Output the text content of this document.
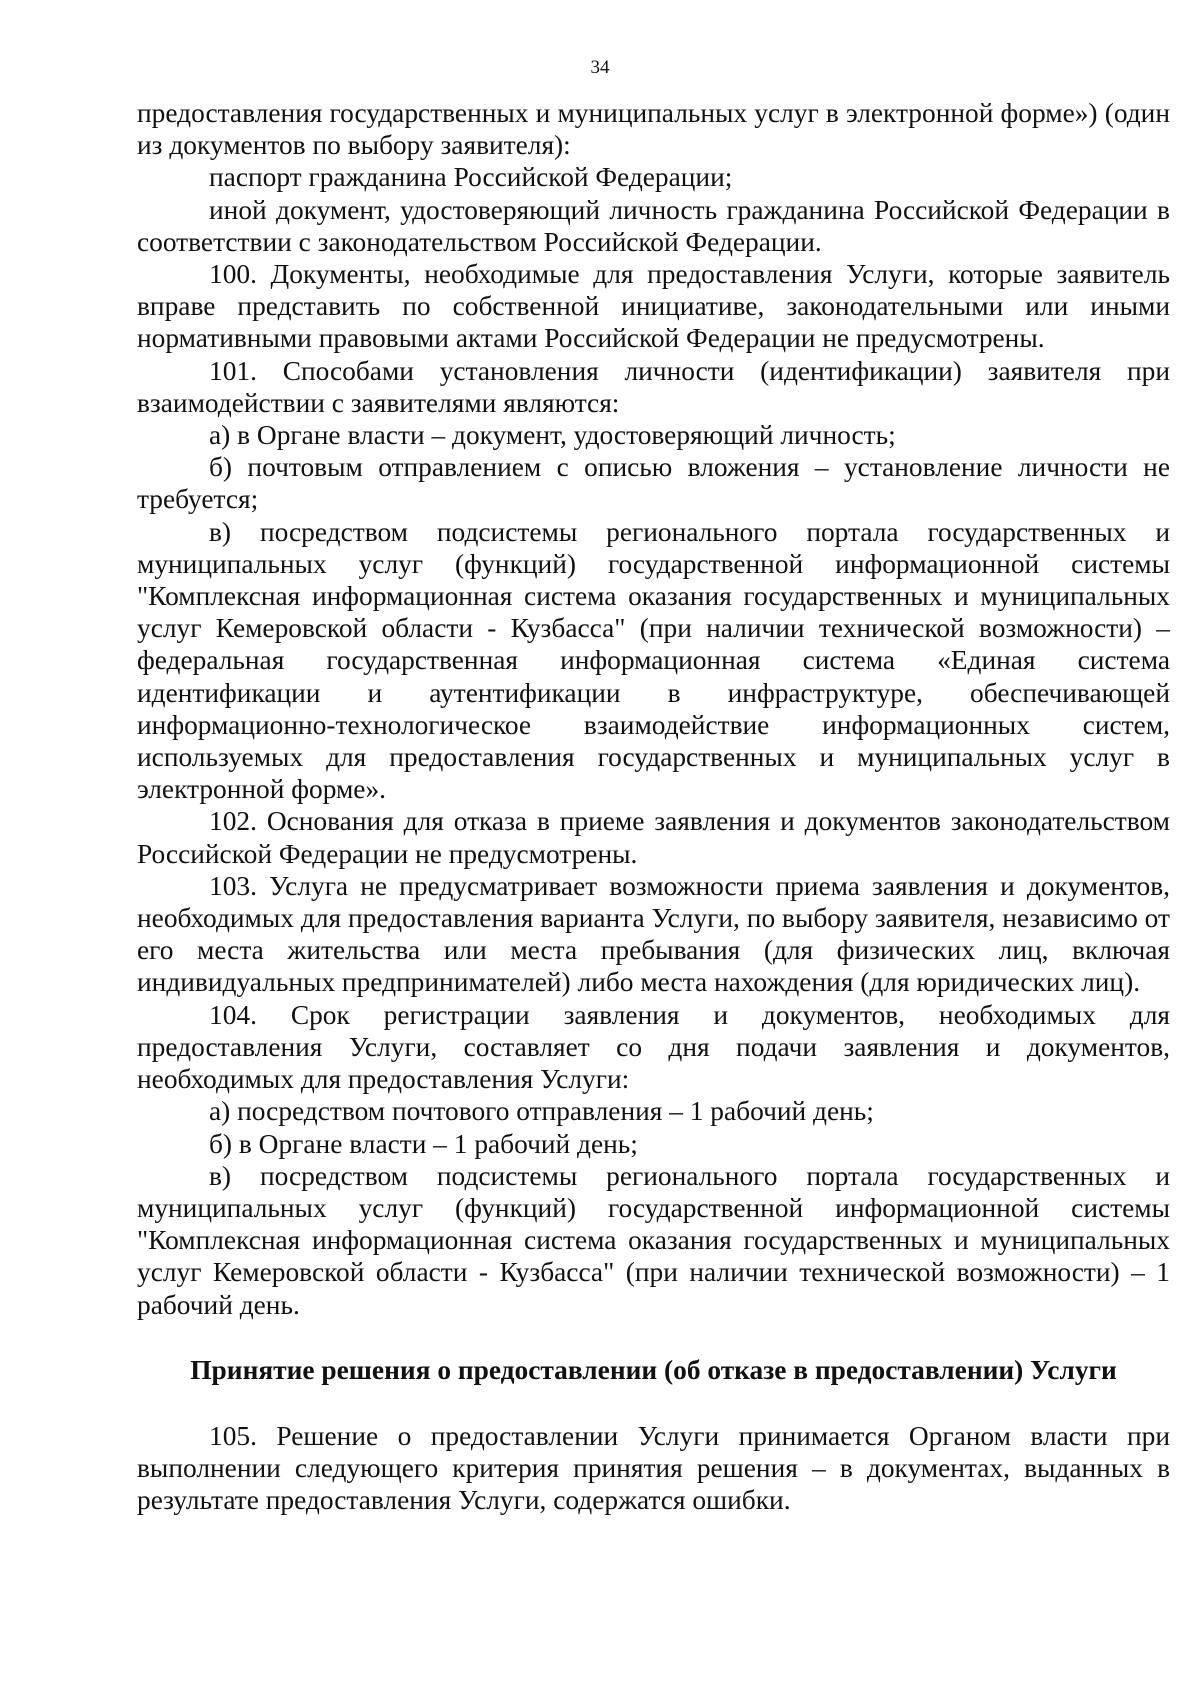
34

предоставления государственных и муниципальных услуг в электронной форме») (один из документов по выбору заявителя):

паспорт гражданина Российской Федерации;

иной документ, удостоверяющий личность гражданина Российской Федерации в соответствии с законодательством Российской Федерации.

100. Документы, необходимые для предоставления Услуги, которые заявитель вправе представить по собственной инициативе, законодательными или иными нормативными правовыми актами Российской Федерации не предусмотрены.

101. Способами установления личности (идентификации) заявителя при взаимодействии с заявителями являются:

а) в Органе власти – документ, удостоверяющий личность;

б) почтовым отправлением с описью вложения – установление личности не требуется;

в) посредством подсистемы регионального портала государственных и муниципальных услуг (функций) государственной информационной системы "Комплексная информационная система оказания государственных и муниципальных услуг Кемеровской области - Кузбасса" (при наличии технической возможности) – федеральная государственная информационная система «Единая система идентификации и аутентификации в инфраструктуре, обеспечивающей информационно-технологическое взаимодействие информационных систем, используемых для предоставления государственных и муниципальных услуг в электронной форме».

102. Основания для отказа в приеме заявления и документов законодательством Российской Федерации не предусмотрены.

103. Услуга не предусматривает возможности приема заявления и документов, необходимых для предоставления варианта Услуги, по выбору заявителя, независимо от его места жительства или места пребывания (для физических лиц, включая индивидуальных предпринимателей) либо места нахождения (для юридических лиц).

104. Срок регистрации заявления и документов, необходимых для предоставления Услуги, составляет со дня подачи заявления и документов, необходимых для предоставления Услуги:

а) посредством почтового отправления – 1 рабочий день;

б) в Органе власти – 1 рабочий день;

в) посредством подсистемы регионального портала государственных и муниципальных услуг (функций) государственной информационной системы "Комплексная информационная система оказания государственных и муниципальных услуг Кемеровской области - Кузбасса" (при наличии технической возможности) – 1 рабочий день.

Принятие решения о предоставлении (об отказе в предоставлении) Услуги

105. Решение о предоставлении Услуги принимается Органом власти при выполнении следующего критерия принятия решения – в документах, выданных в результате предоставления Услуги, содержатся ошибки.
